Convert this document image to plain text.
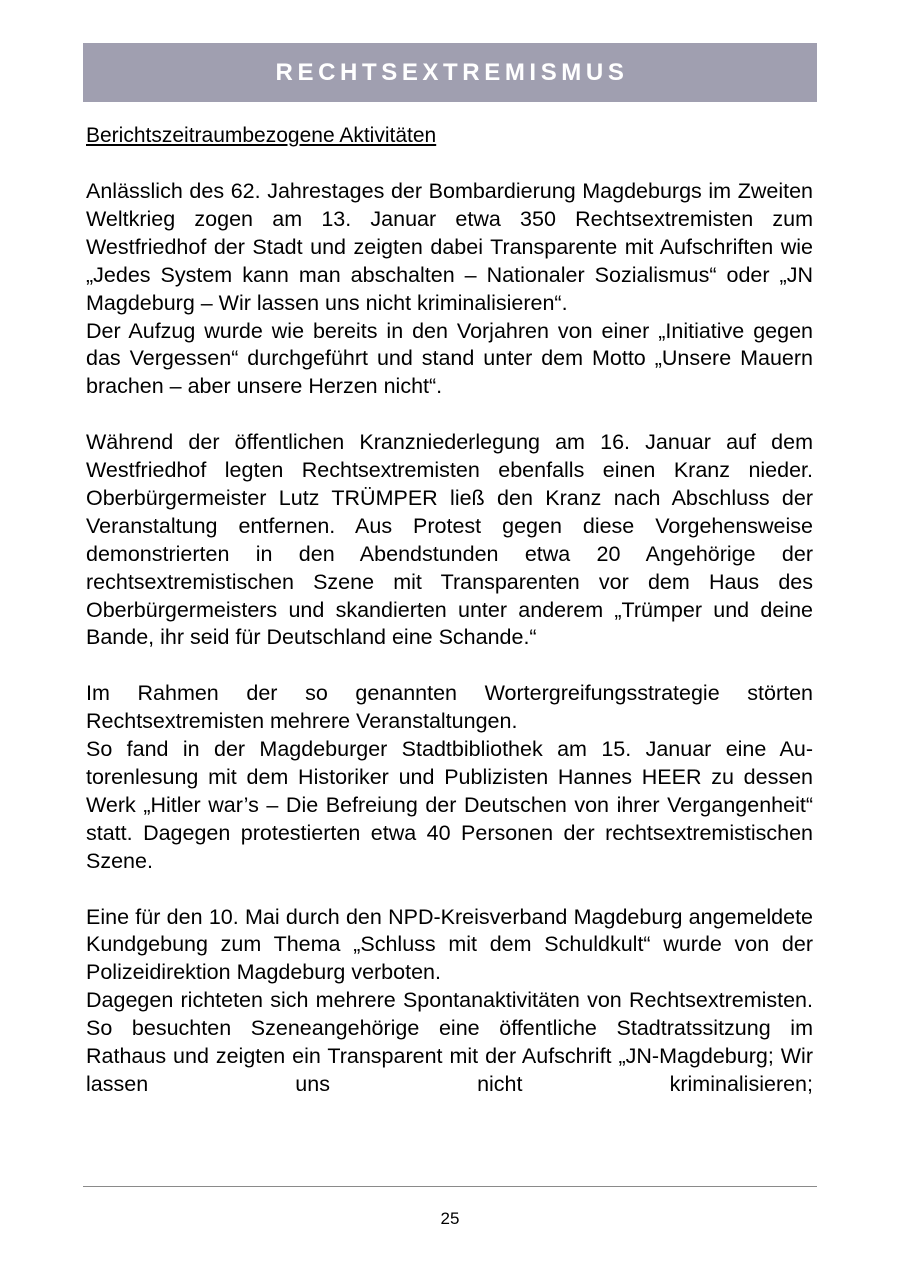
RECHTSEXTREMISMUS
Berichtszeitraumbezogene Aktivitäten

Anlässlich des 62. Jahrestages der Bombardierung Magdeburgs im Zweiten Weltkrieg zogen am 13. Januar etwa 350 Rechtsextremisten zum Westfriedhof der Stadt und zeigten dabei Transparente mit Aufschriften wie „Jedes System kann man abschalten – Nationaler Sozialismus“ oder „JN Magdeburg – Wir lassen uns nicht kriminalisieren“.

Der Aufzug wurde wie bereits in den Vorjahren von einer „Initiative gegen das Vergessen“ durchgeführt und stand unter dem Motto „Unsere Mauern brachen – aber unsere Herzen nicht“.

Während der öffentlichen Kranzniederlegung am 16. Januar auf dem Westfriedhof legten Rechtsextremisten ebenfalls einen Kranz nieder. Oberbürgermeister Lutz TRÜMPER ließ den Kranz nach Abschluss der Veranstaltung entfernen. Aus Protest gegen diese Vorgehensweise demonstrierten in den Abendstunden etwa 20 Angehörige der rechtsextremistischen Szene mit Transparenten vor dem Haus des Oberbürgermeisters und skandierten unter anderem „Trümper und deine Bande, ihr seid für Deutschland eine Schande.“

Im Rahmen der so genannten Wortergreifungsstrategie störten Rechtsextremisten mehrere Veranstaltungen.

So fand in der Magdeburger Stadtbibliothek am 15. Januar eine Autorenlesung mit dem Historiker und Publizisten Hannes HEER zu dessen Werk „Hitler war’s – Die Befreiung der Deutschen von ihrer Vergangenheit“ statt. Dagegen protestierten etwa 40 Personen der rechtsextremistischen Szene.

Eine für den 10. Mai durch den NPD-Kreisverband Magdeburg angemeldete Kundgebung zum Thema „Schluss mit dem Schuldkult“ wurde von der Polizeidirektion Magdeburg verboten.

Dagegen richteten sich mehrere Spontanaktivitäten von Rechtsextremisten. So besuchten Szeneangehörige eine öffentliche Stadtratssitzung im Rathaus und zeigten ein Transparent mit der Aufschrift „JN-Magdeburg; Wir lassen uns nicht kriminalisieren;

25
